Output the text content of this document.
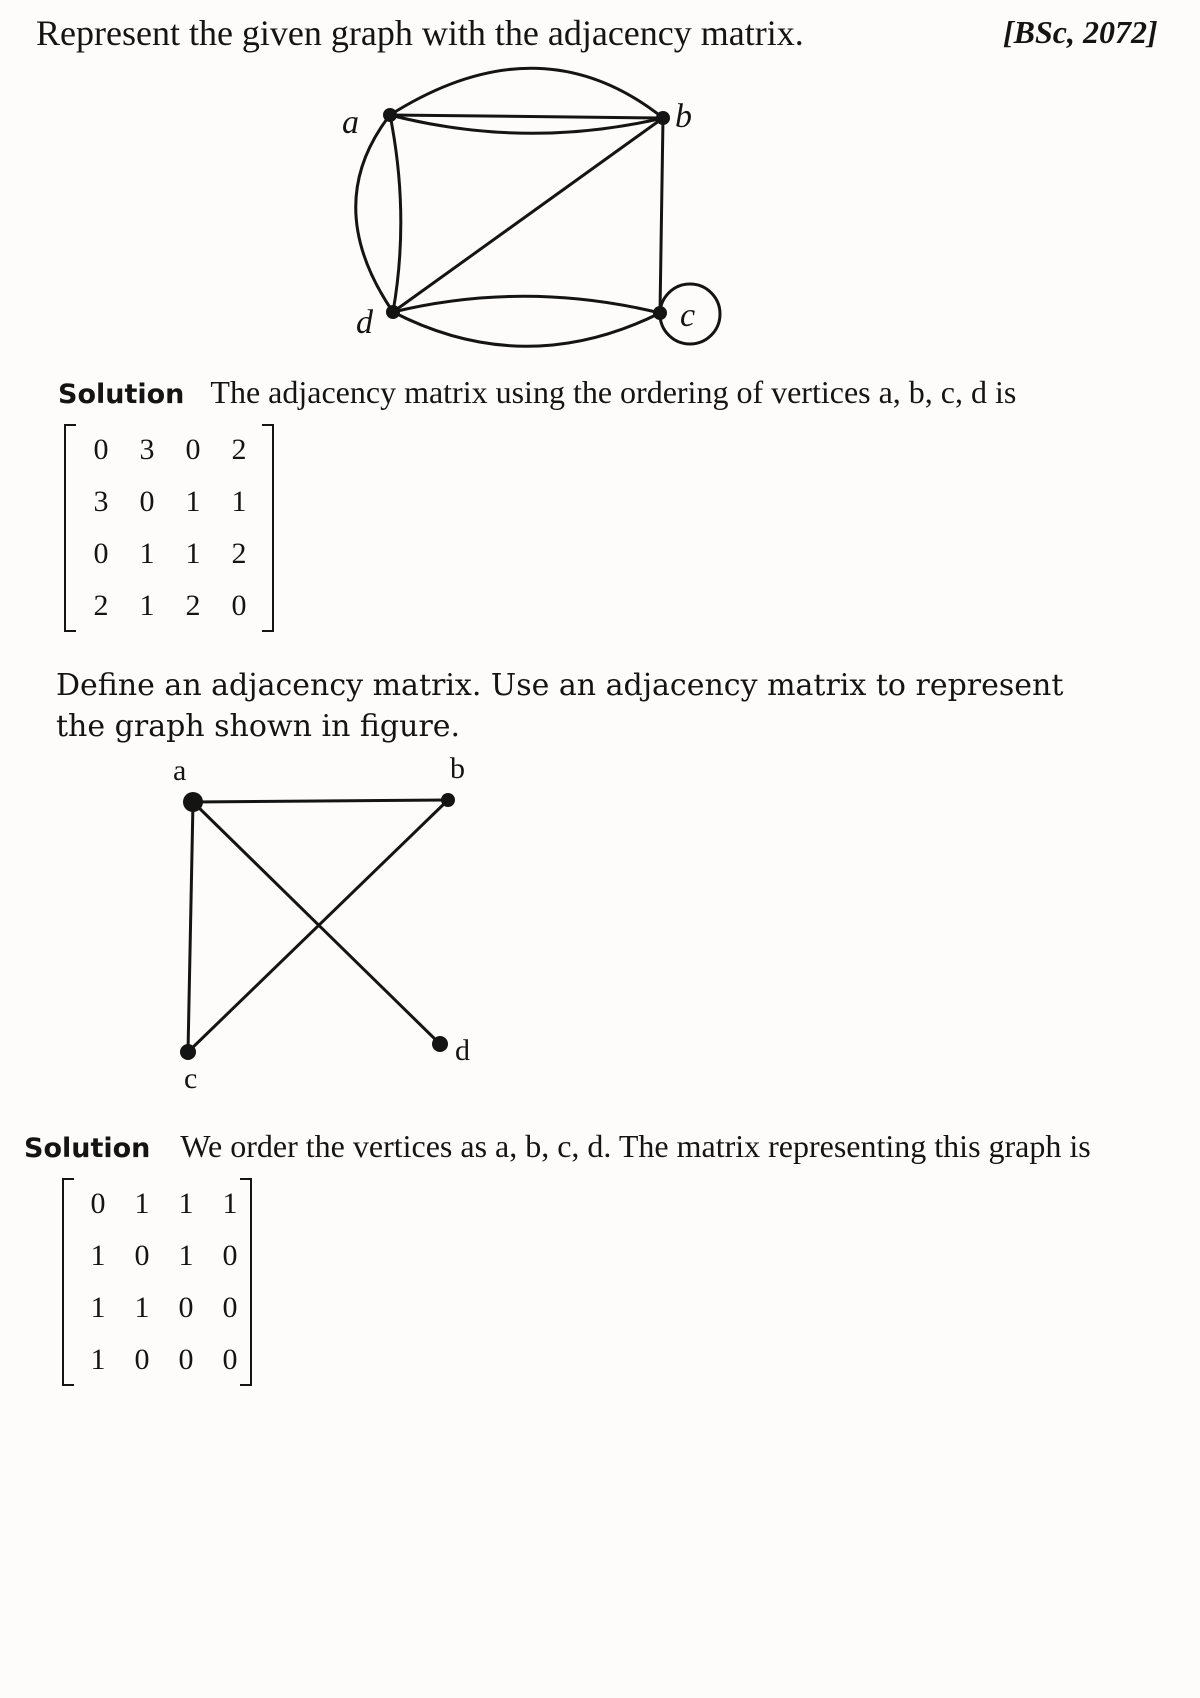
Represent the given graph with the adjacency matrix.	[BSc, 2072]
a	b
c
d
Solution The adjacency matrix using the ordering of vertices a, b, c, d is
0	3	0	2
3	0	1	1
0	1	1	2
2	1	2	0
Define an adjacency matrix. Use an adjacency matrix to represent
the graph shown in figure.
a	b
c
d
Solution We order the vertices as a, b, c, d. The matrix representing this graph is
0 1 1 1
1 0 1 0
1 1 0 0
1 0 0 0
